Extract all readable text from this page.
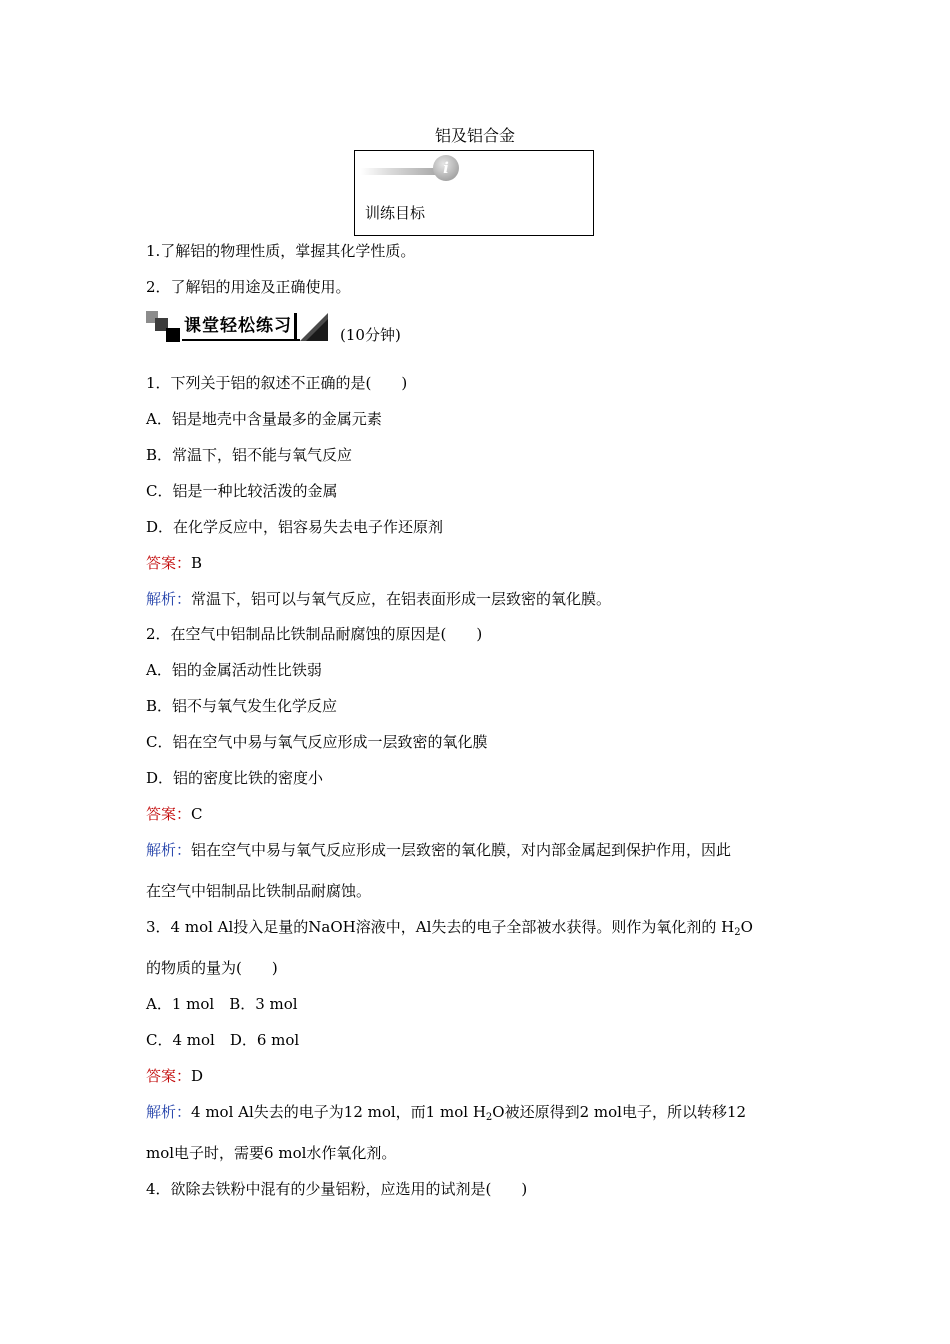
铝及铝合金
i
训练目标
1.了解铝的物理性质，掌握其化学性质。
2．了解铝的用途及正确使用。
课堂轻松练习	(10分钟)
1．下列关于铝的叙述不正确的是(　　)
A．铝是地壳中含量最多的金属元素
B．常温下，铝不能与氧气反应
C．铝是一种比较活泼的金属
D．在化学反应中，铝容易失去电子作还原剂
答案：B
解析：常温下，铝可以与氧气反应，在铝表面形成一层致密的氧化膜。
2．在空气中铝制品比铁制品耐腐蚀的原因是(　　)
A．铝的金属活动性比铁弱
B．铝不与氧气发生化学反应
C．铝在空气中易与氧气反应形成一层致密的氧化膜
D．铝的密度比铁的密度小
答案：C
解析：铝在空气中易与氧气反应形成一层致密的氧化膜，对内部金属起到保护作用，因此
在空气中铝制品比铁制品耐腐蚀。
3．4 mol Al投入足量的NaOH溶液中，Al失去的电子全部被水获得。则作为氧化剂的 $H_2O$
的物质的量为(　　)
A．1 mol　B．3 mol
C．4 mol　D．6 mol
答案：D
解析：4 mol Al失去的电子为12 mol，而1 mol $H_2O$被还原得到2 mol电子，所以转移12
mol电子时，需要6 mol水作氧化剂。
4．欲除去铁粉中混有的少量铝粉，应选用的试剂是(　　)
